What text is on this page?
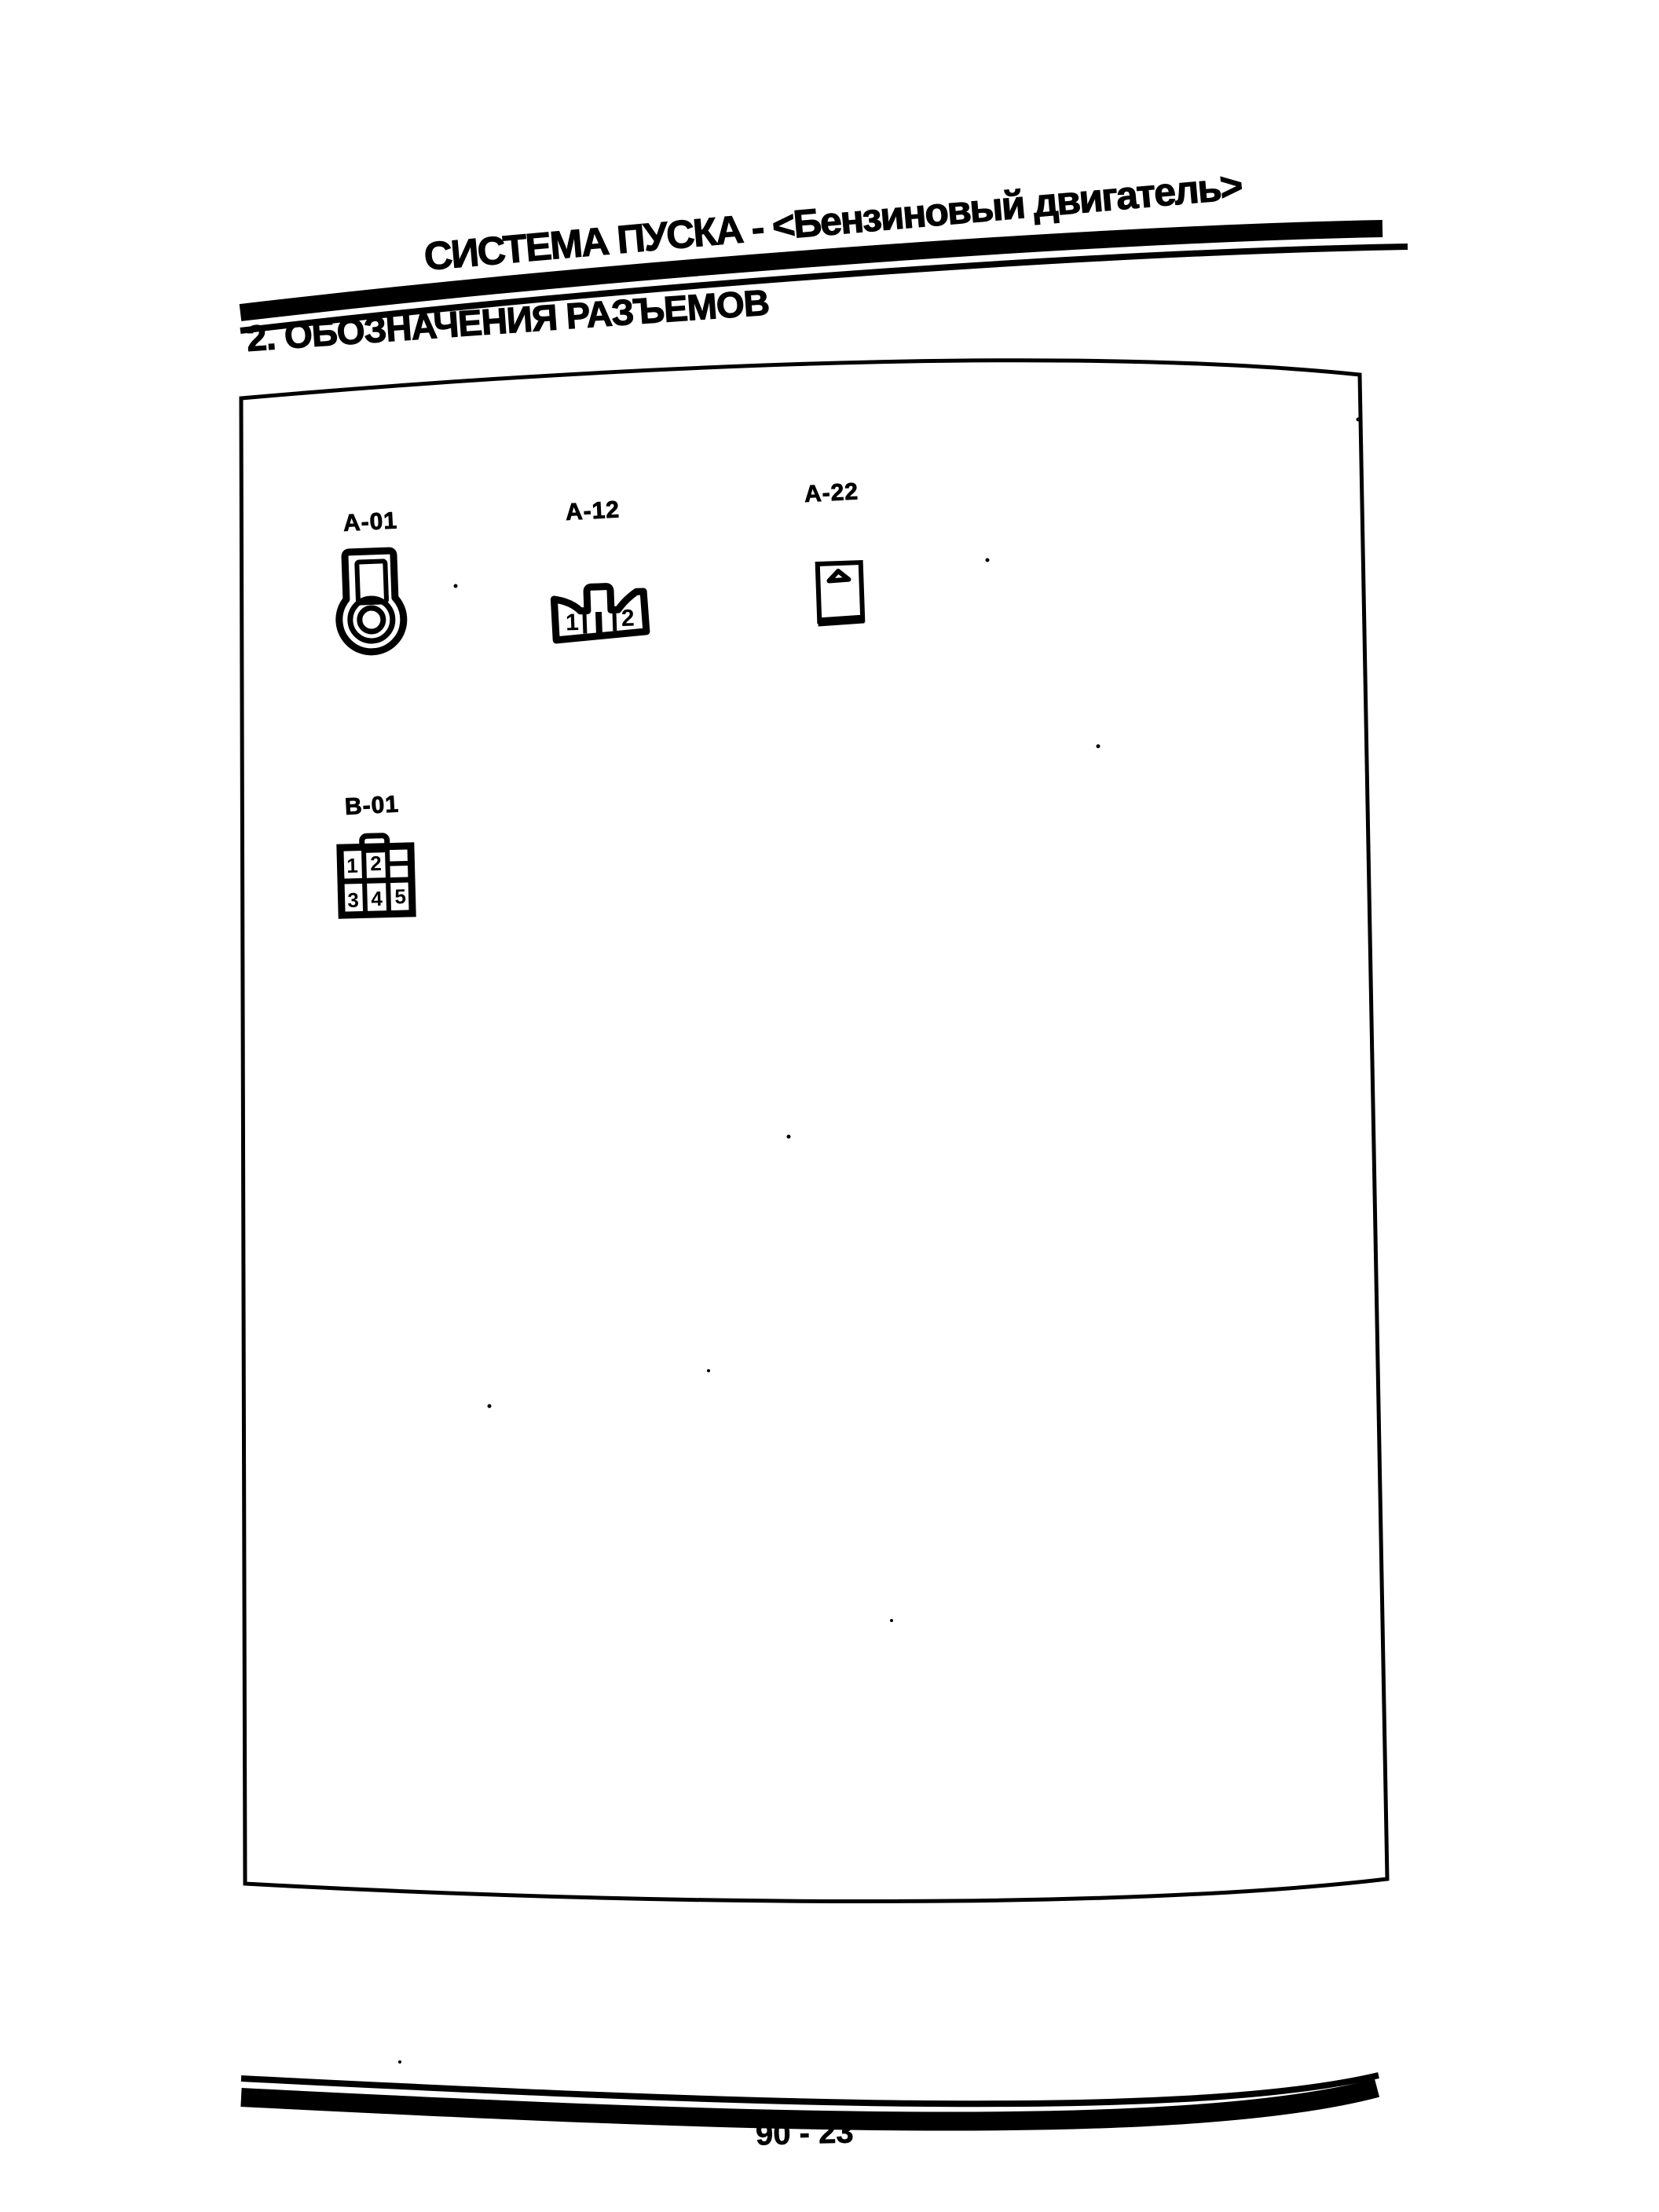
1 2
1 2
3 4 5
СИСТЕМА ПУСКА - <Бензиновый двигатель>
2. ОБОЗНАЧЕНИЯ РАЗЪЕМОВ
A-01	A-12
A-22
B-01
90 - 23
